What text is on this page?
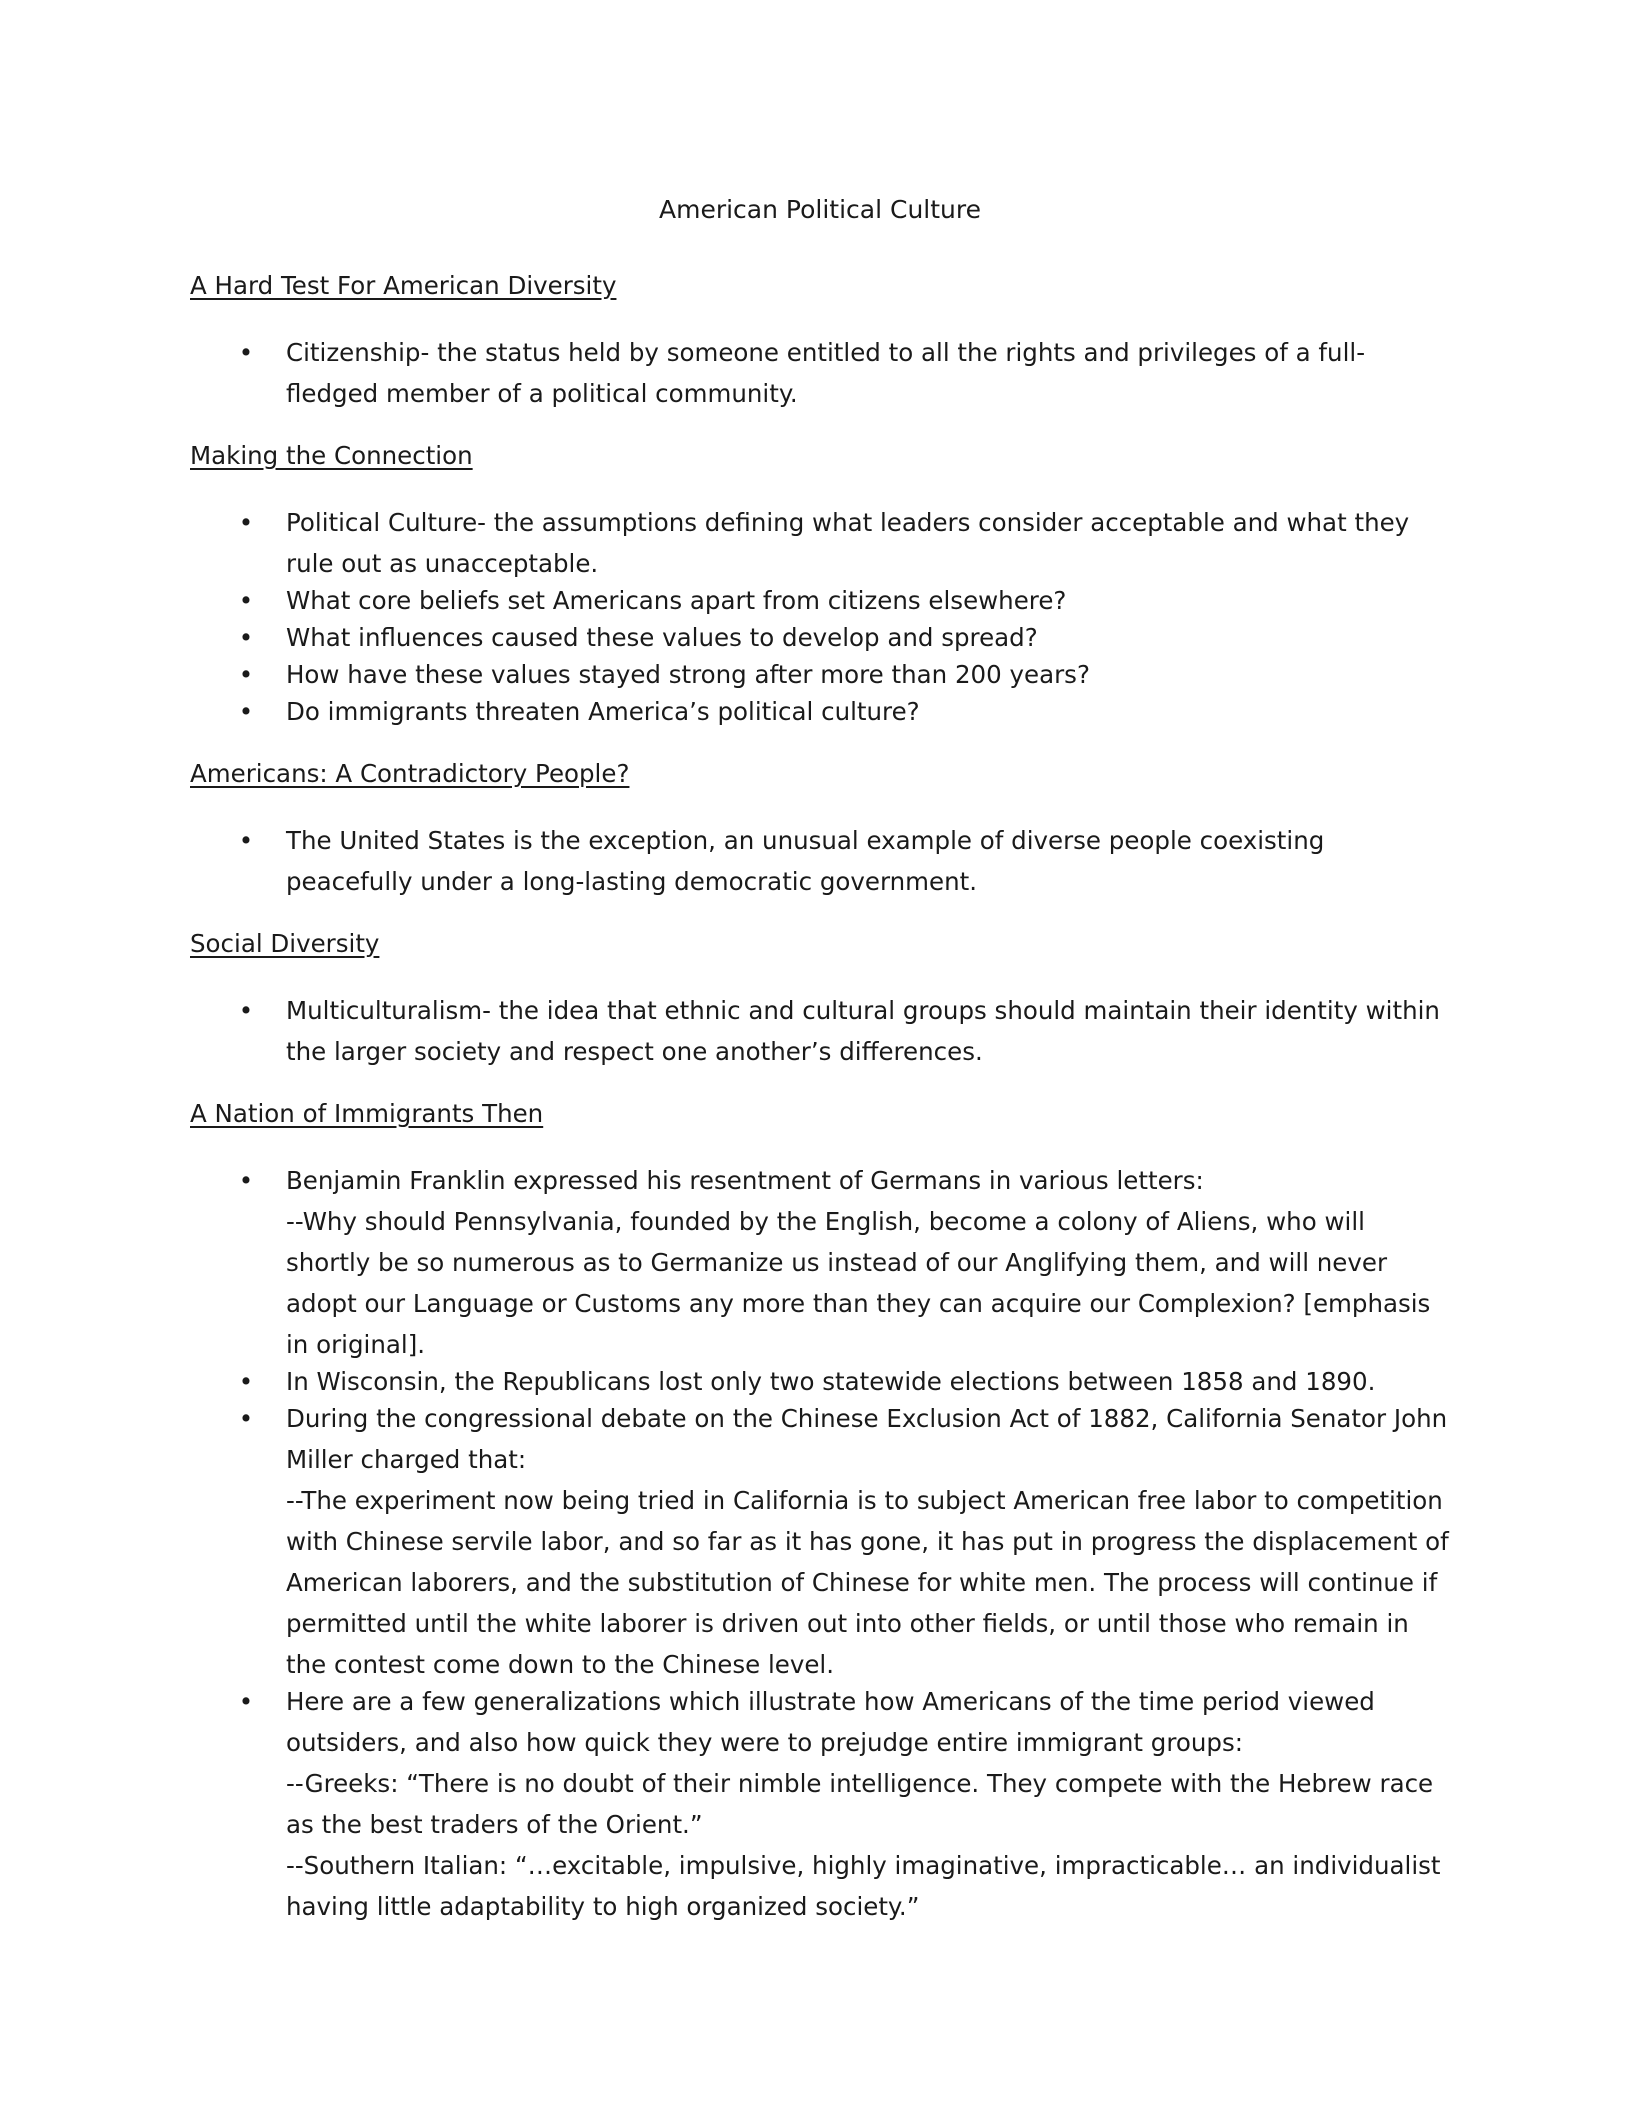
American Political Culture
A Hard Test For American Diversity
• Citizenship- the status held by someone entitled to all the rights and privileges of a full-fledged member of a political community.
Making the Connection
• Political Culture- the assumptions defining what leaders consider acceptable and what they rule out as unacceptable.
• What core beliefs set Americans apart from citizens elsewhere?
• What influences caused these values to develop and spread?
• How have these values stayed strong after more than 200 years?
• Do immigrants threaten America’s political culture?
Americans: A Contradictory People?
• The United States is the exception, an unusual example of diverse people coexisting peacefully under a long-lasting democratic government.
Social Diversity
• Multiculturalism- the idea that ethnic and cultural groups should maintain their identity within the larger society and respect one another’s differences.
A Nation of Immigrants Then
• Benjamin Franklin expressed his resentment of Germans in various letters:
--Why should Pennsylvania, founded by the English, become a colony of Aliens, who will shortly be so numerous as to Germanize us instead of our Anglifying them, and will never adopt our Language or Customs any more than they can acquire our Complexion? [emphasis in original].
• In Wisconsin, the Republicans lost only two statewide elections between 1858 and 1890.
• During the congressional debate on the Chinese Exclusion Act of 1882, California Senator John Miller charged that:
--The experiment now being tried in California is to subject American free labor to competition with Chinese servile labor, and so far as it has gone, it has put in progress the displacement of American laborers, and the substitution of Chinese for white men. The process will continue if permitted until the white laborer is driven out into other fields, or until those who remain in the contest come down to the Chinese level.
• Here are a few generalizations which illustrate how Americans of the time period viewed outsiders, and also how quick they were to prejudge entire immigrant groups:
--Greeks: “There is no doubt of their nimble intelligence. They compete with the Hebrew race as the best traders of the Orient.”
--Southern Italian: “…excitable, impulsive, highly imaginative, impracticable… an individualist having little adaptability to high organized society.”
